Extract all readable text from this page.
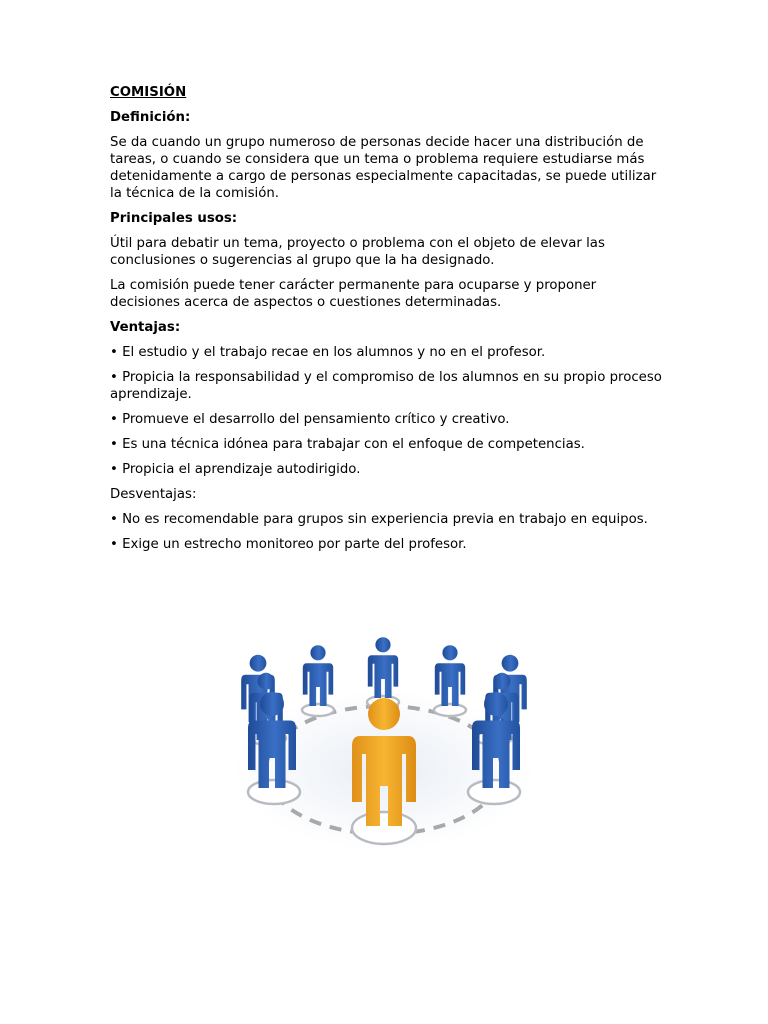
COMISIÓN

Definición:

Se da cuando un grupo numeroso de personas decide hacer una distribución de tareas, o cuando se considera que un tema o problema requiere estudiarse más detenidamente a cargo de personas especialmente capacitadas, se puede utilizar la técnica de la comisión.

Principales usos:

Útil para debatir un tema, proyecto o problema con el objeto de elevar las conclusiones o sugerencias al grupo que la ha designado.

La comisión puede tener carácter permanente para ocuparse y proponer decisiones acerca de aspectos o cuestiones determinadas.

Ventajas:

• El estudio y el trabajo recae en los alumnos y no en el profesor.

• Propicia la responsabilidad y el compromiso de los alumnos en su propio proceso aprendizaje.

• Promueve el desarrollo del pensamiento crítico y creativo.

• Es una técnica idónea para trabajar con el enfoque de competencias.

• Propicia el aprendizaje autodirigido.

Desventajas:

• No es recomendable para grupos sin experiencia previa en trabajo en equipos.

• Exige un estrecho monitoreo por parte del profesor.
